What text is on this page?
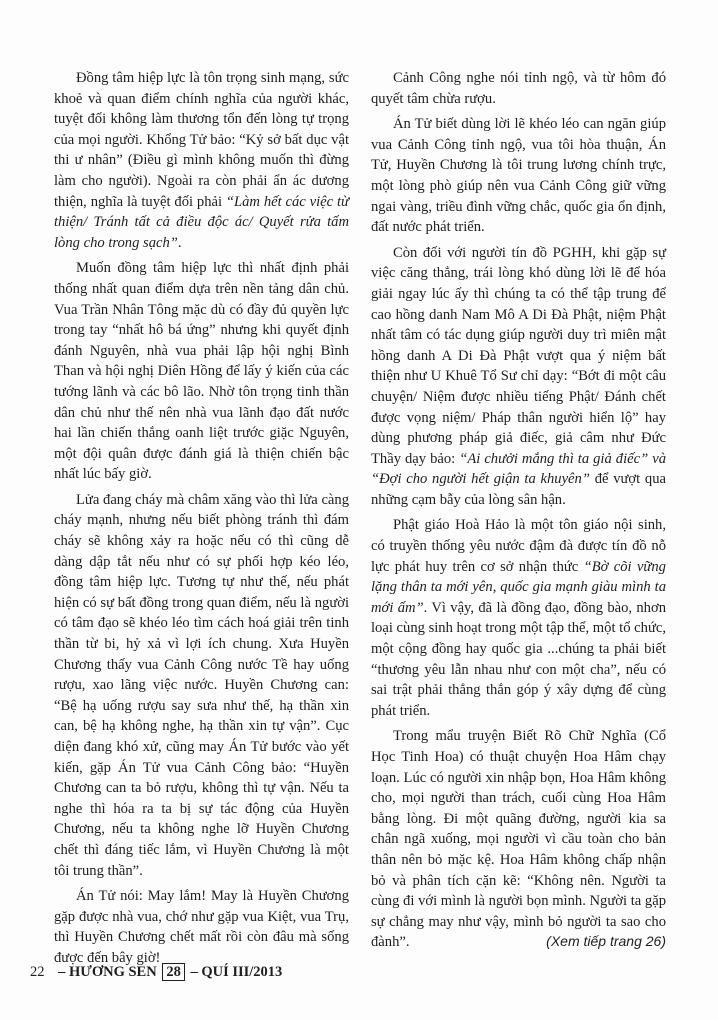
Đồng tâm hiệp lực là tôn trọng sinh mạng, sức khoẻ và quan điểm chính nghĩa của người khác, tuyệt đối không làm thương tổn đến lòng tự trọng của mọi người. Khổng Tử bảo: “Kỷ sở bất dục vật thi ư nhân” (Điều gì mình không muốn thì đừng làm cho người). Ngoài ra còn phải ẩn ác dương thiện, nghĩa là tuyệt đối phải “Làm hết các việc từ thiện/ Tránh tất cả điều độc ác/ Quyết rửa tấm lòng cho trong sạch”.

Muốn đồng tâm hiệp lực thì nhất định phải thống nhất quan điểm dựa trên nền tảng dân chủ. Vua Trần Nhân Tông mặc dù có đầy đủ quyền lực trong tay “nhất hô bá ứng” nhưng khi quyết định đánh Nguyên, nhà vua phải lập hội nghị Bình Than và hội nghị Diên Hồng để lấy ý kiến của các tướng lãnh và các bô lão. Nhờ tôn trọng tinh thần dân chủ như thế nên nhà vua lãnh đạo đất nước hai lần chiến thắng oanh liệt trước giặc Nguyên, một đội quân được đánh giá là thiện chiến bậc nhất lúc bấy giờ.

Lửa đang cháy mà châm xăng vào thì lửa càng cháy mạnh, nhưng nếu biết phòng tránh thì đám cháy sẽ không xảy ra hoặc nếu có thì cũng dễ dàng dập tắt nếu như có sự phối hợp kéo léo, đồng tâm hiệp lực. Tương tự như thế, nếu phát hiện có sự bất đồng trong quan điểm, nếu là người có tâm đạo sẽ khéo léo tìm cách hoá giải trên tinh thần từ bi, hỷ xả vì lợi ích chung. Xưa Huyền Chương thấy vua Cảnh Công nước Tề hay uống rượu, xao lãng việc nước. Huyền Chương can: “Bệ hạ uống rượu say sưa như thế, hạ thần xin can, bệ hạ không nghe, hạ thần xin tự vận”. Cục diện đang khó xử, cũng may Án Tử bước vào yết kiến, gặp Án Tử vua Cảnh Công bảo: “Huyền Chương can ta bỏ rượu, không thì tự vận. Nếu ta nghe thì hóa ra ta bị sự tác động của Huyền Chương, nếu ta không nghe lỡ Huyền Chương chết thì đáng tiếc lắm, vì Huyền Chương là một tôi trung thần”.

Án Tử nói: May lắm! May là Huyền Chương gặp được nhà vua, chớ như gặp vua Kiệt, vua Trụ, thì Huyền Chương chết mất rồi còn đâu mà sống được đến bây giờ!

Cảnh Công nghe nói tỉnh ngộ, và từ hôm đó quyết tâm chừa rượu.

Án Tử biết dùng lời lẽ khéo léo can ngăn giúp vua Cảnh Công tỉnh ngộ, vua tôi hòa thuận, Án Tử, Huyền Chương là tôi trung lương chính trực, một lòng phò giúp nên vua Cảnh Công giữ vững ngai vàng, triều đình vững chắc, quốc gia ổn định, đất nước phát triển.

Còn đối với người tín đồ PGHH, khi gặp sự việc căng thẳng, trái lòng khó dùng lời lẽ để hóa giải ngay lúc ấy thì chúng ta có thể tập trung để cao hồng danh Nam Mô A Di Đà Phật, niệm Phật nhất tâm có tác dụng giúp người duy trì miên mật hồng danh A Di Đà Phật vượt qua ý niệm bất thiện như U Khuê Tổ Sư chỉ dạy: “Bớt đi một câu chuyện/ Niệm được nhiều tiếng Phật/ Đánh chết được vọng niệm/ Pháp thân người hiển lộ” hay dùng phương pháp giả điếc, giả câm như Đức Thầy dạy bảo: “Ai chưởi mắng thì ta giả điếc” và “Đợi cho người hết giận ta khuyên” để vượt qua những cạm bẫy của lòng sân hận.

Phật giáo Hoà Hảo là một tôn giáo nội sinh, có truyền thống yêu nước đậm đà được tín đồ nỗ lực phát huy trên cơ sở nhận thức “Bờ cõi vững lặng thân ta mới yên, quốc gia mạnh giàu mình ta mới ấm”. Vì vậy, đã là đồng đạo, đồng bào, nhơn loại cùng sinh hoạt trong một tập thể, một tổ chức, một cộng đồng hay quốc gia ...chúng ta phải biết “thương yêu lẫn nhau như con một cha”, nếu có sai trật phải thẳng thắn góp ý xây dựng để cùng phát triển.

Trong mẩu truyện Biết Rõ Chữ Nghĩa (Cổ Học Tinh Hoa) có thuật chuyện Hoa Hâm chạy loạn. Lúc có người xin nhập bọn, Hoa Hâm không cho, mọi người than trách, cuối cùng Hoa Hâm bằng lòng. Đi một quãng đường, người kia sa chân ngã xuống, mọi người vì cầu toàn cho bản thân nên bỏ mặc kệ. Hoa Hâm không chấp nhận bỏ và phân tích cặn kẽ: “Không nên. Người ta cùng đi với mình là người bọn mình. Người ta gặp sự chẳng may như vậy, mình bỏ người ta sao cho đành”.	(Xem tiếp trang 26)
22 – HƯƠNG SEN 28 – QUÍ III/2013
